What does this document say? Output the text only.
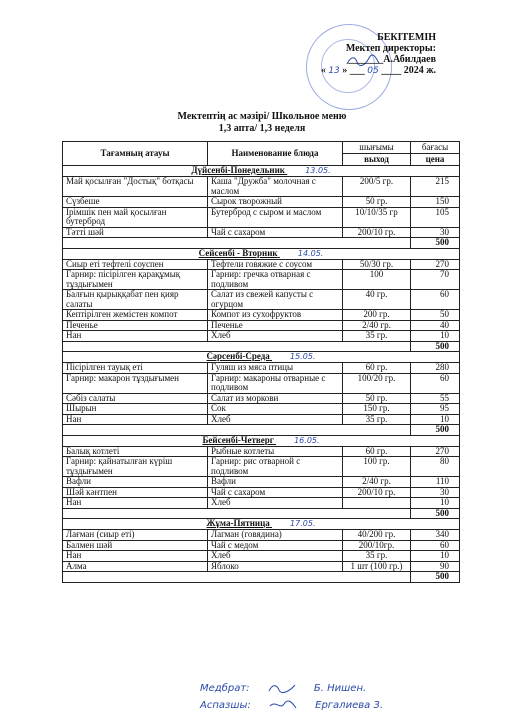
БЕКІТЕМІН
Мектеп директоры:
_______А.Абилдаев
« 13 » ___ 05 ____ 2024 ж.
Мектептің ас мәзірі/ Школьное меню
1,3 апта/ 1,3 неделя
Тағамның атауы	Наименование блюда	шығымы	бағасы
		выход	цена
Дүйсенбі-Понедельник 13.05.			
Май қосылған "Достық" ботқасы	Каша "Дружба" молочная с маслом	200/5 гр.	215
Сүзбеше	Сырок творожный	50 гр.	150
Ірімшік пен май қосылған бутерброд	Бутерброд с сыром и маслом	10/10/35 гр	105
Тәтті шәй	Чай с сахаром	200/10 гр.	30
			500
Сейсенбі - Вторник 14.05.			
Сиыр еті тефтелі соуспен	Тефтели говяжие с соусом	50/30 гр.	270
Гарнир: пісірілген қарақұмық тұздығымен	Гарнир: гречка отварная с подливом	100	70
Балғын қырыққабат пен қияр салаты	Салат из свежей капусты с огурцом	40 гр.	60
Кептірілген жемістен компот	Компот из сухофруктов	200 гр.	50
Печенье	Печенье	2/40 гр.	40
Нан	Хлеб	35 гр.	10
			500
Сәрсенбі-Среда 15.05.			
Пісірілген тауық еті	Гуляш из мяса птицы	60 гр.	280
Гарнир: макарон тұздығымен	Гарнир: макароны отварные с подливом	100/20 гр.	60
Сәбіз салаты	Салат из моркови	50 гр.	55
Шырын	Сок	150 гр.	95
Нан	Хлеб	35 гр.	10
			500
Бейсенбі-Четверг 16.05.			
Балық котлеті	Рыбные котлеты	60 гр.	270
Гарнир: қайнатылған күріш тұздығымен	Гарнир: рис отварной с подливом	100 гр.	80
Вафли	Вафли	2/40 гр.	110
Шәй кәнтпен	Чай с сахаром	200/10 гр.	30
Нан	Хлеб		10
			500
Жұма-Пятница 17.05.			
Лағман (сиыр еті)	Лагман (говядина)	40/200 гр.	340
Балмен шәй	Чай с медом	200/10гр.	60
Нан	Хлеб	35 гр.	10
Алма	Яблоко	1 шт (100 гр.)	90
			500
Медбрат:	Б. Нишен.
Аспазшы:	Ергалиева З.
